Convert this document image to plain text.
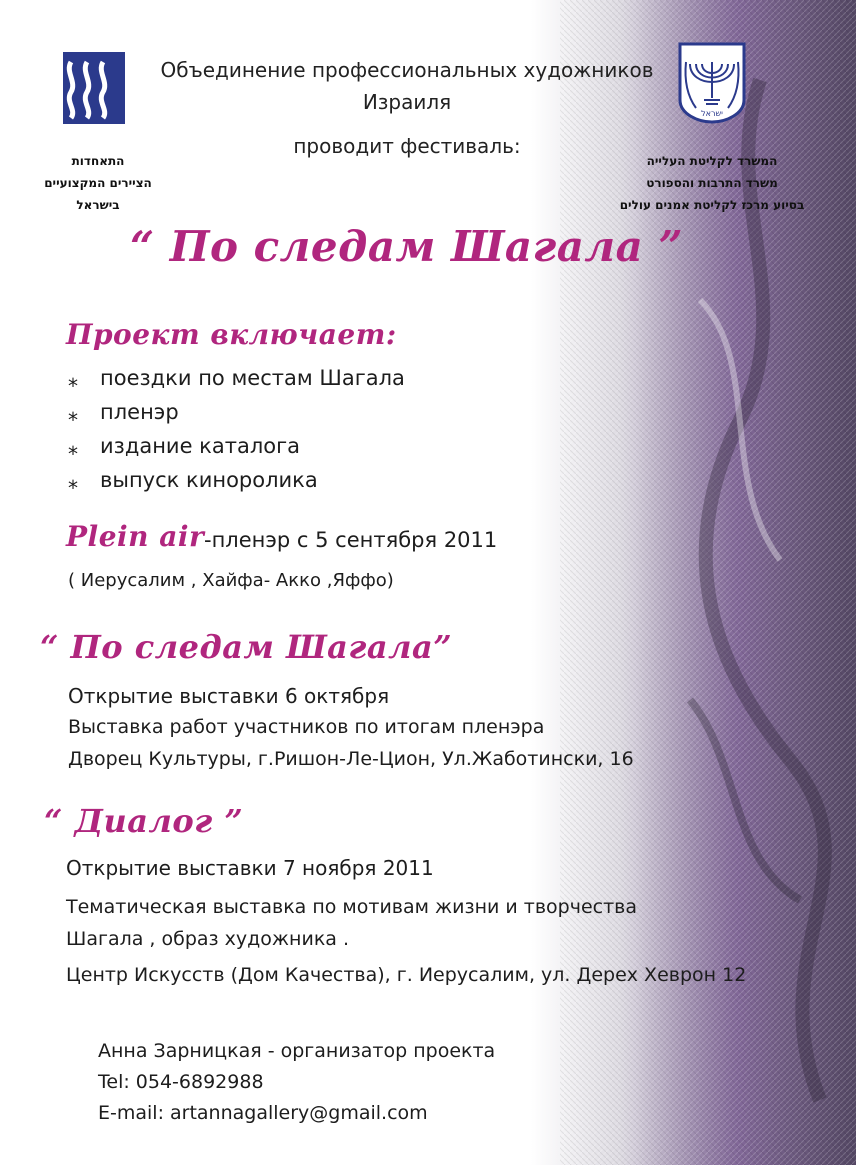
ישראל
Объединение профессиональных художников
Израиля
проводит фестиваль:
התאחדות
הציירים המקצועיים
בישראל
המשרד לקליטת העלייה
משרד התרבות והספורט
בסיוע מרכז לקליטת אמנים עולים
“ По следам Шагала ”
Проект включает:
* поездки по местам Шагала
* пленэр
* издание каталога
* выпуск киноролика
Plein air -пленэр с 5 сентября 2011
( Иерусалим , Хайфа- Акко ,Яффо)
“ По следам Шагала”
Открытие выставки 6 октября
Выставка работ участников по итогам пленэра
Дворец Культуры, г.Ришон-Ле-Цион, Ул.Жаботински, 16
“ Диалог ”
Открытие выставки 7 ноября 2011
Тематическая выставка по мотивам жизни и творчества
Шагала , образ художника .
Центр Искусств (Дом Качества), г. Иерусалим, ул. Дерех Хеврон 12
Анна Зарницкая - организатор проекта
Tel: 054-6892988
E-mail: artannagallery@gmail.com
